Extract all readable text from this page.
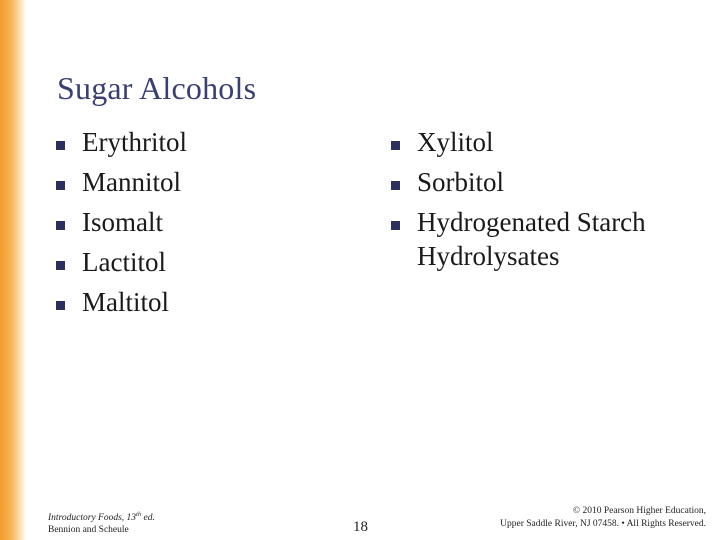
Sugar Alcohols
Erythritol
Mannitol
Isomalt
Lactitol
Maltitol
Xylitol
Sorbitol
Hydrogenated Starch Hydrolysates
Introductory Foods, 13th ed.
Bennion and Scheule	18
© 2010 Pearson Higher Education,
Upper Saddle River, NJ 07458. • All Rights Reserved.
